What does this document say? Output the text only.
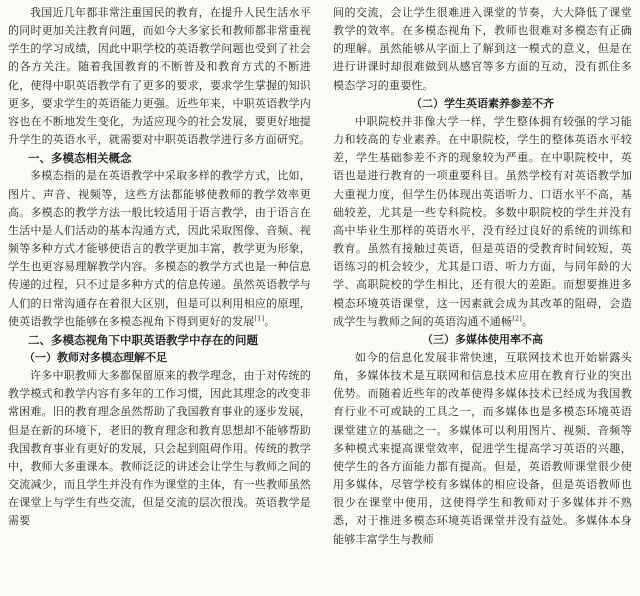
我国近几年都非常注重国民的教育，在提升人民生活水平的同时更加关注教育问题，而如今大多家长和教师都非常重视学生的学习成绩，因此中职学校的英语教学问题也受到了社会的各方关注。随着我国教育的不断普及和教育方式的不断进化，使得中职英语教学有了更多的要求，要求学生掌握的知识更多，要求学生的英语能力更强。近些年来，中职英语教学内容也在不断地发生变化，为适应现今的社会发展，要更好地提升学生的英语水平，就需要对中职英语教学进行多方面研究。

一、多模态相关概念

多模态指的是在英语教学中采取多样的教学方式，比如，图片、声音、视频等，这些方法都能够使教师的教学效率更高。多模态的教学方法一般比较适用于语言教学，由于语言在生活中是人们活动的基本沟通方式，因此采取图像、音频、视频等多种方式才能够使语言的教学更加丰富，教学更为形象，学生也更容易理解教学内容。多模态的教学方式也是一种信息传递的过程，只不过是多种方式的信息传递。虽然英语教学与人们的日常沟通存在着很大区别，但是可以利用相应的原理，使英语教学也能够在多模态视角下得到更好的发展[1]。

二、多模态视角下中职英语教学中存在的问题

（一）教师对多模态理解不足

许多中职教师大多都保留原来的教学理念，由于对传统的教学模式和教学内容有多年的工作习惯，因此其理念的改变非常困难。旧的教育理念虽然帮助了我国教育事业的逐步发展，但是在新的环境下，老旧的教育理念和教育思想却不能够帮助我国教育事业有更好的发展，只会起到阻碍作用。传统的教学中，教师大多重课本。教师泛泛的讲述会让学生与教师之间的交流减少，而且学生并没有作为课堂的主体，有一些教师虽然在课堂上与学生有些交流，但是交流的层次很浅。英语教学是需要

间的交流，会让学生很难进入课堂的节奏，大大降低了课堂教学的效率。在多模态视角下，教师也很难对多模态有正确的理解。虽然能够从字面上了解到这一模式的意义，但是在进行讲课时却很难做到从感官等多方面的互动，没有抓住多模态学习的重要性。

（二）学生英语素养参差不齐

中职院校并非像大学一样，学生整体拥有较强的学习能力和较高的专业素养。在中职院校，学生的整体英语水平较差，学生基础参差不齐的现象较为严重。在中职院校中，英语也是进行教育的一项重要科目。虽然学校有对英语教学加大重视力度，但学生仍体现出英语听力、口语水平不高，基础较差，尤其是一些专科院校。多数中职院校的学生并没有高中毕业生那样的英语水平，没有经过良好的系统的训练和教育。虽然有接触过英语，但是英语的受教育时间较短，英语练习的机会较少，尤其是口语、听力方面，与同年龄的大学、高职院校的学生相比，还有很大的差距。而想要推进多模态环境英语课堂，这一因素就会成为其改革的阻碍，会造成学生与教师之间的英语沟通不通畅[2]。

（三）多媒体使用率不高

如今的信息化发展非常快速，互联网技术也开始崭露头角，多媒体技术是互联网和信息技术应用在教育行业的突出优势。而随着近些年的改革使得多媒体技术已经成为我国教育行业不可或缺的工具之一，而多媒体也是多模态环境英语课堂建立的基础之一。多媒体可以利用图片、视频、音频等多种模式来提高课堂效率，促进学生提高学习英语的兴趣，使学生的各方面能力都有提高。但是，英语教师课堂很少使用多媒体，尽管学校有多媒体的相应设备，但是英语教师也很少在课堂中使用，这使得学生和教师对于多媒体并不熟悉，对于推进多模态环境英语课堂并没有益处。多媒体本身能够丰富学生与教师
